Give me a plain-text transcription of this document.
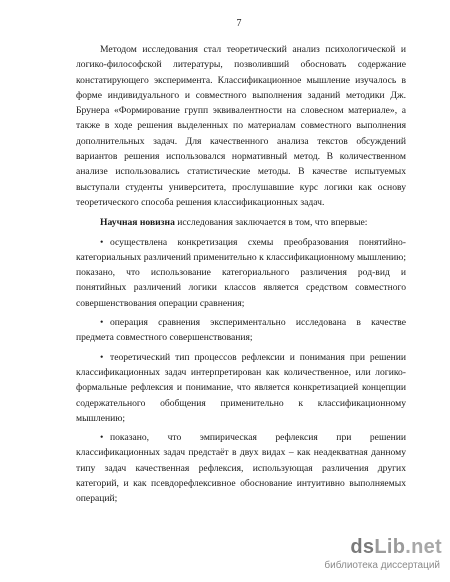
7

Методом исследования стал теоретический анализ психологической и логико-философской литературы, позволивший обосновать содержание констатирующего эксперимента. Классификационное мышление изучалось в форме индивидуального и совместного выполнения заданий методики Дж. Брунера «Формирование групп эквивалентности на словесном материале», а также в ходе решения выделенных по материалам совместного выполнения дополнительных задач. Для качественного анализа текстов обсуждений вариантов решения использовался нормативный метод. В количественном анализе использовались статистические методы. В качестве испытуемых выступали студенты университета, прослушавшие курс логики как основу теоретического способа решения классификационных задач.

Научная новизна исследования заключается в том, что впервые:

• осуществлена конкретизация схемы преобразования понятийно-категориальных различений применительно к классификационному мышлению; показано, что использование категориального различения род-вид и понятийных различений логики классов является средством совместного совершенствования операции сравнения;

• операция сравнения экспериментально исследована в качестве предмета совместного совершенствования;

• теоретический тип процессов рефлексии и понимания при решении классификационных задач интерпретирован как количественное, или логико-формальные рефлексия и понимание, что является конкретизацией концепции содержательного обобщения применительно к классификационному мышлению;

• показано, что эмпирическая рефлексия при решении классификационных задач предстаёт в двух видах – как неадекватная данному типу задач качественная рефлексия, использующая различения других категорий, и как псевдорефлексивное обоснование интуитивно выполняемых операций;

dsLib.net
библиотека диссертаций
